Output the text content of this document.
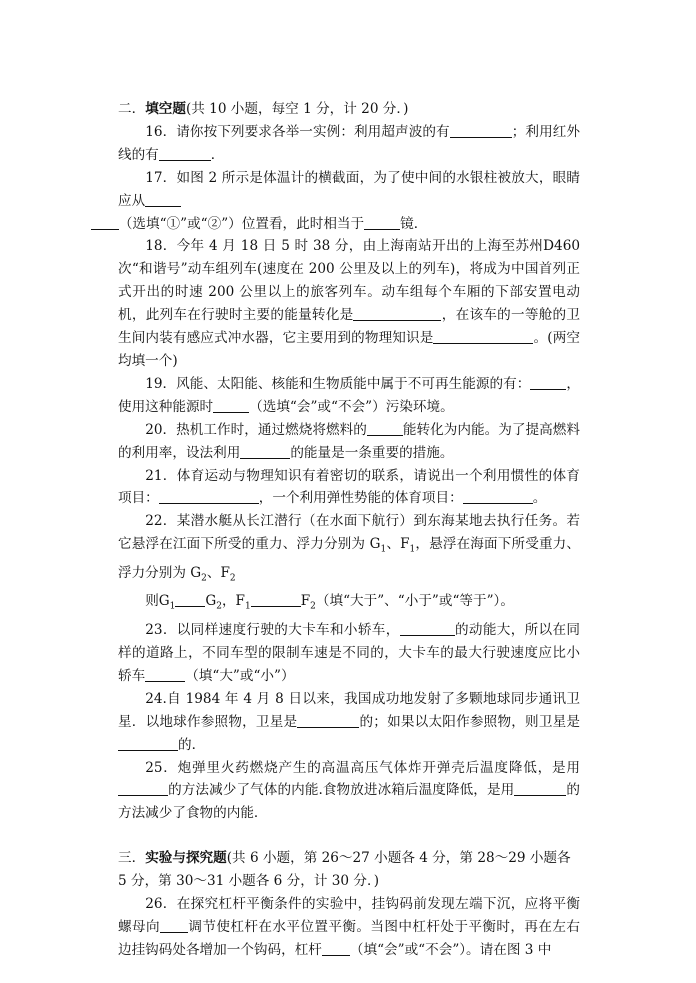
二．填空题(共 10 小题，每空 1 分，计 20 分．)

16．请你按下列要求各举一实例：利用超声波的有	；利用红外线的有	．

17．如图 2 所示是体温计的横截面，为了使中间的水银柱被放大，眼睛应从
（选填“①”或“②”）位置看，此时相当于	镜．

18．今年 4 月 18 日 5 时 38 分，由上海南站开出的上海至苏州D460 次“和谐号”动车组列车(速度在 200 公里及以上的列车)，将成为中国首列正式开出的时速 200 公里以上的旅客列车。动车组每个车厢的下部安置电动机，此列车在行驶时主要的能量转化是	，在该车的一等舱的卫生间内装有感应式冲水器，它主要用到的物理知识是	。(两空均填一个)

19．风能、太阳能、核能和生物质能中属于不可再生能源的有：	，使用这种能源时	（选填“会”或“不会”）污染环境。

20．热机工作时，通过燃烧将燃料的	能转化为内能。为了提高燃料的利用率，设法利用	的能量是一条重要的措施。

21．体育运动与物理知识有着密切的联系，请说出一个利用惯性的体育项目：	，一个利用弹性势能的体育项目：	。

22．某潜水艇从长江潜行（在水面下航行）到东海某地去执行任务。若它悬浮在江面下所受的重力、浮力分别为 $G_1$、$F_1$，悬浮在海面下所受重力、浮力分别为 $G_2$、$F_2$

则$G_1$ $G_2$，$F_1$	$F_2$（填“大于”、“小于”或“等于”）。

23．以同样速度行驶的大卡车和小轿车，	的动能大，所以在同样的道路上，不同车型的限制车速是不同的，大卡车的最大行驶速度应比小轿车	（填“大”或“小”）

24.自 1984 年 4 月 8 日以来，我国成功地发射了多颗地球同步通讯卫星．以地球作参照物，卫星是	的；如果以太阳作参照物，则卫星是的．

25．炮弹里火药燃烧产生的高温高压气体炸开弹壳后温度降低，是用的方法减少了气体的内能.食物放进冰箱后温度降低，是用	的方法减少了食物的内能．

三．实验与探究题(共 6 小题，第 26～27 小题各 4 分，第 28～29 小题各 5 分，第 30～31 小题各 6 分，计 30 分．)

26．在探究杠杆平衡条件的实验中，挂钩码前发现左端下沉，应将平衡螺母向 调节使杠杆在水平位置平衡。当图中杠杆处于平衡时，再在左右边挂钩码处各增加一个钩码，杠杆 （填“会”或“不会”）。请在图 3 中
